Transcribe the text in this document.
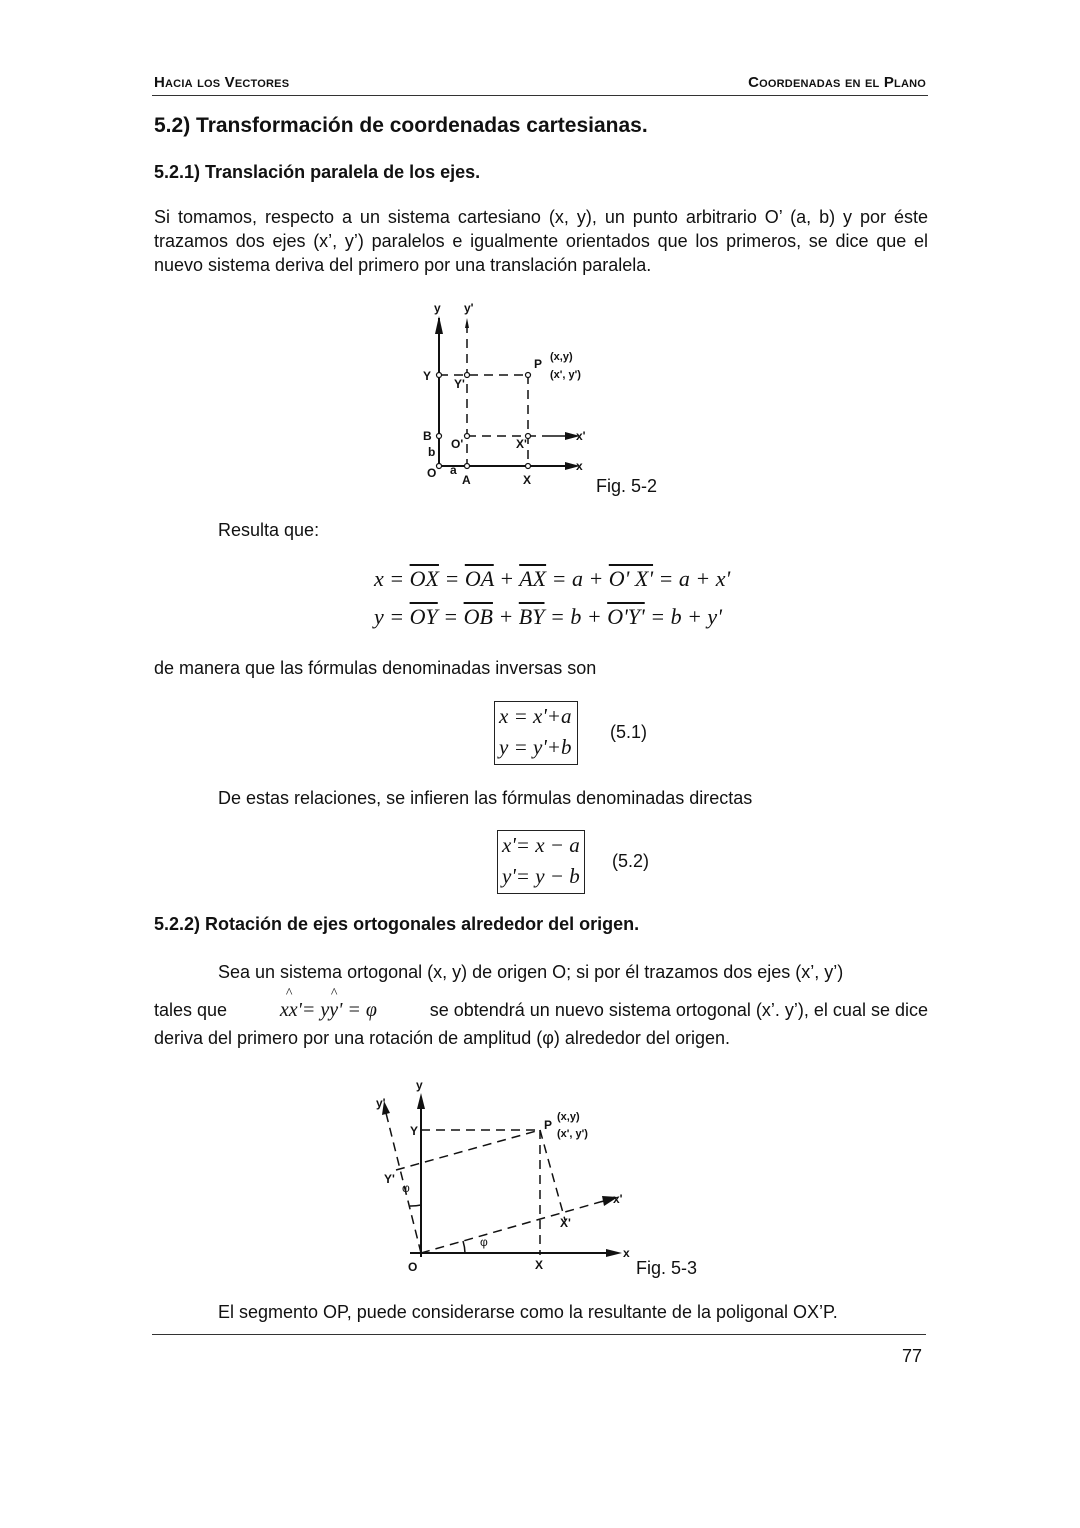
Hacia los Vectores	Coordenadas en el Plano
5.2) Transformación de coordenadas cartesianas.
5.2.1) Translación paralela de los ejes.
Si tomamos, respecto a un sistema cartesiano (x, y), un punto arbitrario O’ (a, b) y por éste trazamos dos ejes (x’, y’) paralelos e igualmente orientados que los primeros, se dice que el nuevo sistema deriva del primero por una translación paralela.
y y'
Y
Y'
P (x,y)
(x', y')
B
b
O'	X'
x'
O a
A	X
x
Fig. 5-2
Resulta que:
$x = \overline{OX} = \overline{OA} + \overline{AX} = a + O'$ X' = a + x'
$y = \overline{OY} = \overline{OB} + \overline{BY} = b + O'Y' = b + y'$
de manera que las fórmulas denominadas inversas son
x = x'+a
y = y'+b
(5.1)
De estas relaciones, se infieren las fórmulas denominadas directas
x'= x − a
y'= y − b
(5.2)
5.2.2) Rotación de ejes ortogonales alrededor del origen.
Sea un sistema ortogonal (x, y) de origen O; si por él trazamos dos ejes (x’, y’)
tales que
^	^
xx'= yy' = φ	se obtendrá un nuevo sistema ortogonal (x’. y’), el cual se dice
deriva del primero por una rotación de amplitud (φ) alrededor del origen.
y
y'
Y
Y'
P
(x,y)
(x', y')
φ
φ
x'
X'
O	X
x
Fig. 5-3
El segmento OP, puede considerarse como la resultante de la poligonal OX’P.
77
